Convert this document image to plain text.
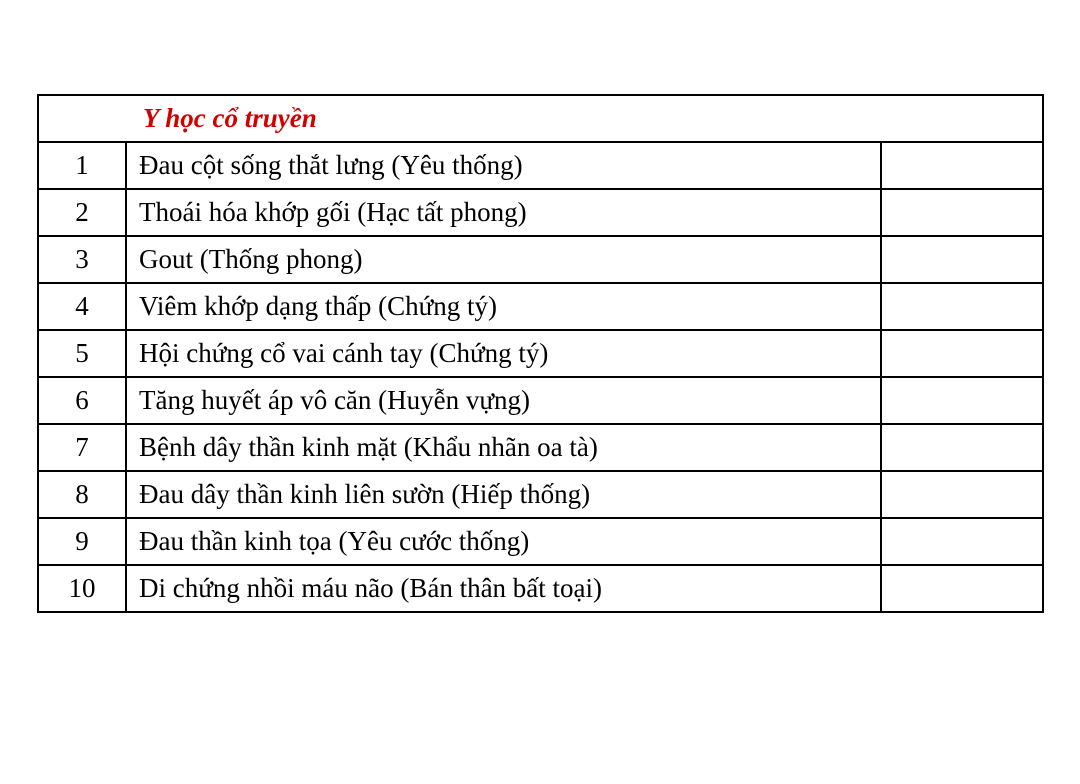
Y học cổ truyền		
1	Đau cột sống thắt lưng (Yêu thống)	
2	Thoái hóa khớp gối (Hạc tất phong)	
3	Gout (Thống phong)	
4	Viêm khớp dạng thấp (Chứng tý)	
5	Hội chứng cổ vai cánh tay (Chứng tý)	
6	Tăng huyết áp vô căn (Huyễn vựng)	
7	Bệnh dây thần kinh mặt (Khẩu nhãn oa tà)	
8	Đau dây thần kinh liên sườn (Hiếp thống)	
9	Đau thần kinh tọa (Yêu cước thống)	
10	Di chứng nhồi máu não (Bán thân bất toại)	
